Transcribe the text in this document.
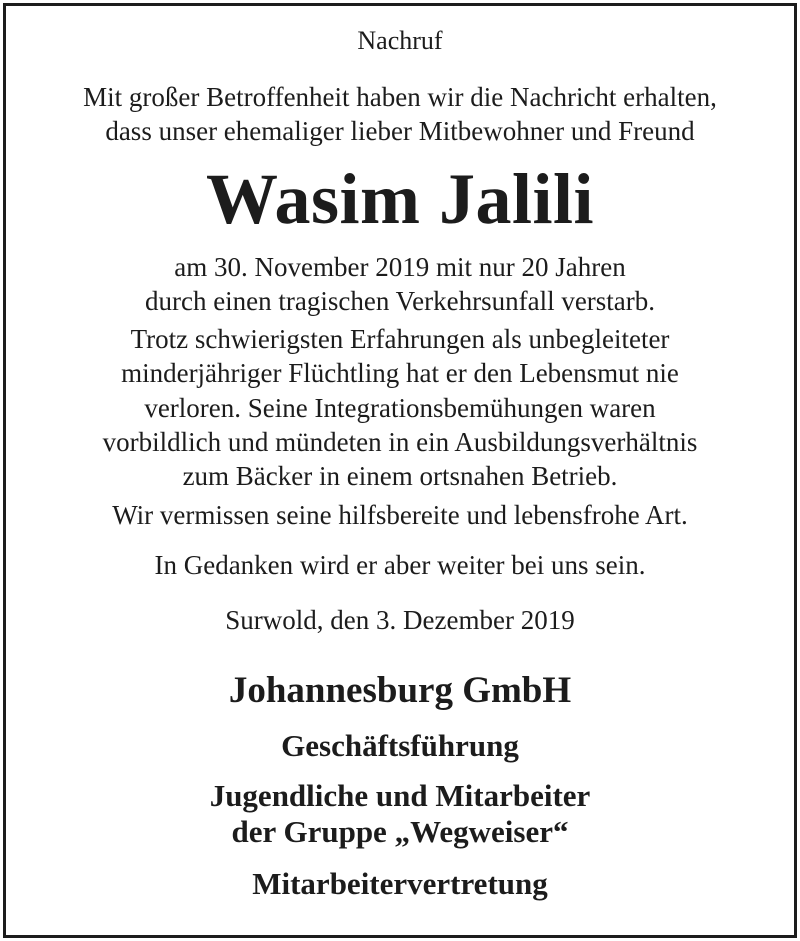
Nachruf
Mit großer Betroffenheit haben wir die Nachricht erhalten,
dass unser ehemaliger lieber Mitbewohner und Freund
Wasim Jalili
am 30. November 2019 mit nur 20 Jahren
durch einen tragischen Verkehrsunfall verstarb.
Trotz schwierigsten Erfahrungen als unbegleiteter
minderjähriger Flüchtling hat er den Lebensmut nie
verloren. Seine Integrationsbemühungen waren
vorbildlich und mündeten in ein Ausbildungsverhältnis
zum Bäcker in einem ortsnahen Betrieb.
Wir vermissen seine hilfsbereite und lebensfrohe Art.
In Gedanken wird er aber weiter bei uns sein.
Surwold, den 3. Dezember 2019
Johannesburg GmbH
Geschäftsführung
Jugendliche und Mitarbeiter
der Gruppe „Wegweiser“
Mitarbeitervertretung
